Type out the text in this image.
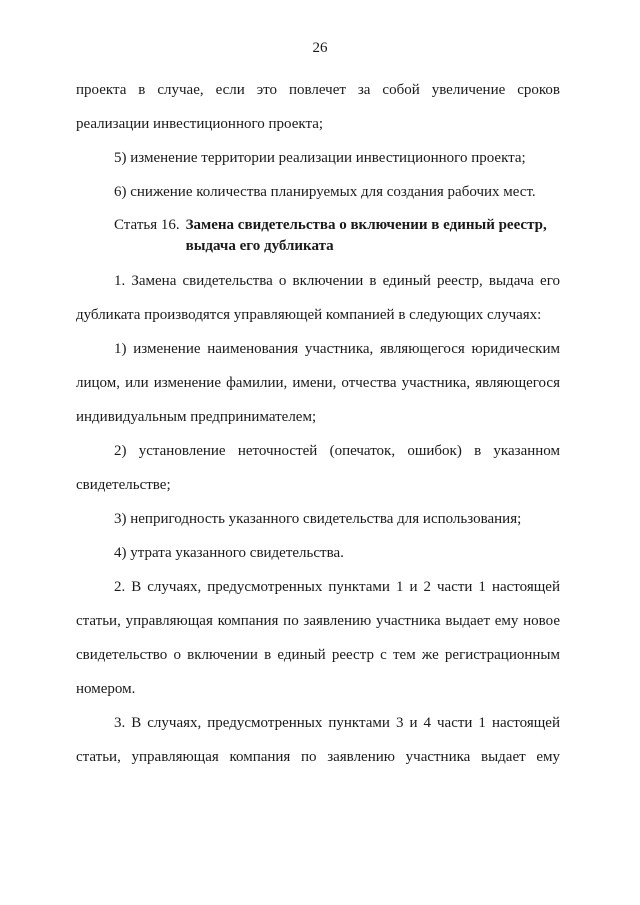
26

проекта в случае, если это повлечет за собой увеличение сроков реализации инвестиционного проекта;

5) изменение территории реализации инвестиционного проекта;

6) снижение количества планируемых для создания рабочих мест.

Статья 16. Замена свидетельства о включении в единый реестр,
выдача его дубликата

1. Замена свидетельства о включении в единый реестр, выдача его дубликата производятся управляющей компанией в следующих случаях:

1) изменение наименования участника, являющегося юридическим лицом, или изменение фамилии, имени, отчества участника, являющегося индивидуальным предпринимателем;

2) установление неточностей (опечаток, ошибок) в указанном свидетельстве;

3) непригодность указанного свидетельства для использования;

4) утрата указанного свидетельства.

2. В случаях, предусмотренных пунктами 1 и 2 части 1 настоящей статьи, управляющая компания по заявлению участника выдает ему новое свидетельство о включении в единый реестр с тем же регистрационным номером.

3. В случаях, предусмотренных пунктами 3 и 4 части 1 настоящей статьи, управляющая компания по заявлению участника выдает ему
